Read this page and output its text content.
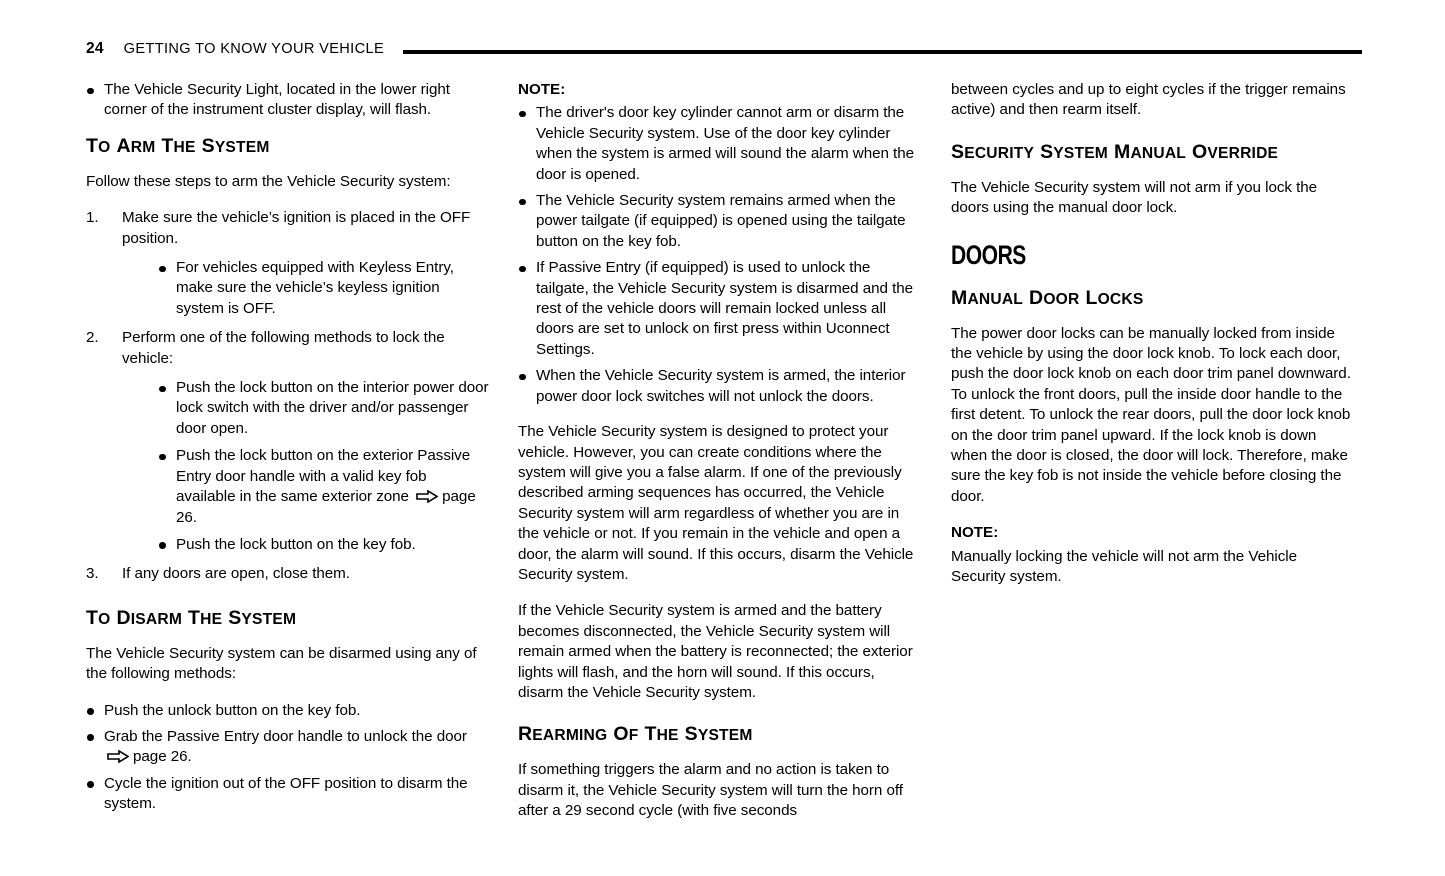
24 GETTING TO KNOW YOUR VEHICLE
The Vehicle Security Light, located in the lower right corner of the instrument cluster display, will flash.
TO ARM THE SYSTEM

Follow these steps to arm the Vehicle Security system:

1. Make sure the vehicle’s ignition is placed in the OFF position.
For vehicles equipped with Keyless Entry, make sure the vehicle’s keyless ignition system is OFF.
2. Perform one of the following methods to lock the vehicle:
Push the lock button on the interior power door lock switch with the driver and/or passenger door open.
Push the lock button on the exterior Passive Entry door handle with a valid key fob available in the same exterior zone
page 26.
Push the lock button on the key fob.
3. If any doors are open, close them.
TO DISARM THE SYSTEM

The Vehicle Security system can be disarmed using any of the following methods:

Push the unlock button on the key fob.
Grab the Passive Entry door handle to unlock the door
page 26.
Cycle the ignition out of the OFF position to disarm the system.

NOTE:

The driver's door key cylinder cannot arm or disarm the Vehicle Security system. Use of the door key cylinder when the system is armed will sound the alarm when the door is opened.
The Vehicle Security system remains armed when the power tailgate (if equipped) is opened using the tailgate button on the key fob.
If Passive Entry (if equipped) is used to unlock the tailgate, the Vehicle Security system is disarmed and the rest of the vehicle doors will remain locked unless all doors are set to unlock on first press within Uconnect Settings.
When the Vehicle Security system is armed, the interior power door lock switches will not unlock the doors.

The Vehicle Security system is designed to protect your vehicle. However, you can create conditions where the system will give you a false alarm. If one of the previously described arming sequences has occurred, the Vehicle Security system will arm regardless of whether you are in the vehicle or not. If you remain in the vehicle and open a door, the alarm will sound. If this occurs, disarm the Vehicle Security system.

If the Vehicle Security system is armed and the battery becomes disconnected, the Vehicle Security system will remain armed when the battery is reconnected; the exterior lights will flash, and the horn will sound. If this occurs, disarm the Vehicle Security system.

REARMING OF THE SYSTEM

If something triggers the alarm and no action is taken to disarm it, the Vehicle Security system will turn the horn off after a 29 second cycle (with five seconds

between cycles and up to eight cycles if the trigger remains active) and then rearm itself.

SECURITY SYSTEM MANUAL OVERRIDE

The Vehicle Security system will not arm if you lock the doors using the manual door lock.

DOORS
MANUAL DOOR LOCKS

The power door locks can be manually locked from inside the vehicle by using the door lock knob. To lock each door, push the door lock knob on each door trim panel downward. To unlock the front doors, pull the inside door handle to the first detent. To unlock the rear doors, pull the door lock knob on the door trim panel upward. If the lock knob is down when the door is closed, the door will lock. Therefore, make sure the key fob is not inside the vehicle before closing the door.

NOTE:

Manually locking the vehicle will not arm the Vehicle Security system.
